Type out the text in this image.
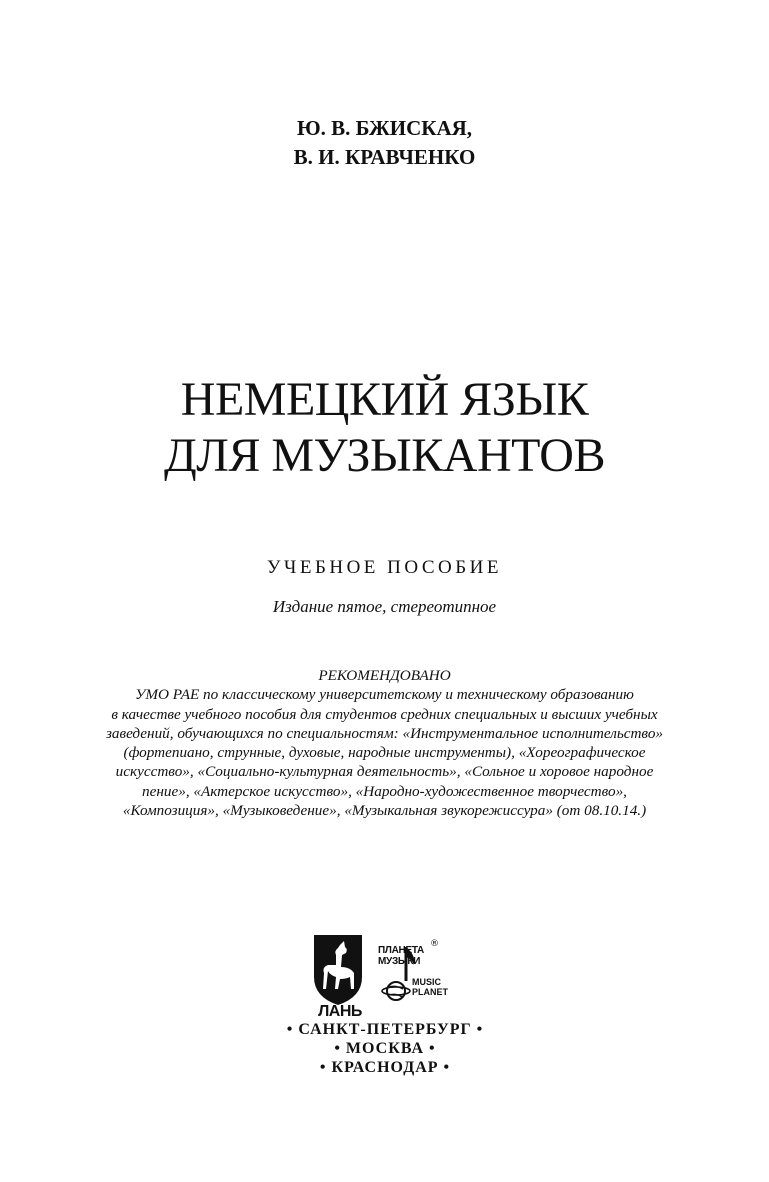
Ю. В. БЖИСКАЯ,
В. И. КРАВЧЕНКО
НЕМЕЦКИЙ ЯЗЫК
ДЛЯ МУЗЫКАНТОВ
УЧЕБНОЕ ПОСОБИЕ
Издание пятое, стереотипное
РЕКОМЕНДОВАНО
УМО РАЕ по классическому университетскому и техническому образованию
в качестве учебного пособия для студентов средних специальных и высших учебных
заведений, обучающихся по специальностям: «Инструментальное исполнительство»
(фортепиано, струнные, духовые, народные инструменты), «Хореографическое
искусство», «Социально-культурная деятельность», «Сольное и хоровое народное
пение», «Актерское искусство», «Народно-художественное творчество»,
«Композиция», «Музыковедение», «Музыкальная звукорежиссура» (от 08.10.14.)
ЛАНЬ
ПЛАНЕТА
МУЗЫКИ
®
MUSIC
PLANET
• САНКТ-ПЕТЕРБУРГ •
• МОСКВА •
• КРАСНОДАР •
